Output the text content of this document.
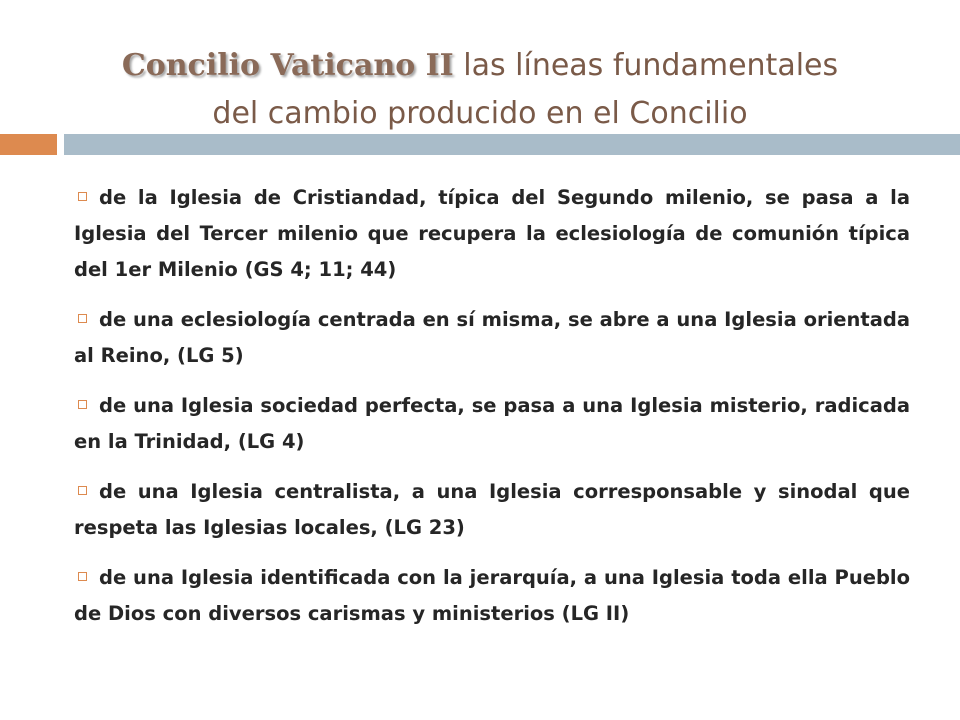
Concilio Vaticano II las líneas fundamentales
del cambio producido en el Concilio

de la Iglesia de Cristiandad, típica del Segundo milenio, se pasa a la Iglesia del Tercer milenio que recupera la eclesiología de comunión típica del 1er Milenio (GS 4; 11; 44)

de una eclesiología centrada en sí misma, se abre a una Iglesia orientada al Reino, (LG 5)

de una Iglesia sociedad perfecta, se pasa a una Iglesia misterio, radicada en la Trinidad, (LG 4)

de una Iglesia centralista, a una Iglesia corresponsable y sinodal que respeta las Iglesias locales, (LG 23)

de una Iglesia identificada con la jerarquía, a una Iglesia toda ella Pueblo de Dios con diversos carismas y ministerios (LG II)
